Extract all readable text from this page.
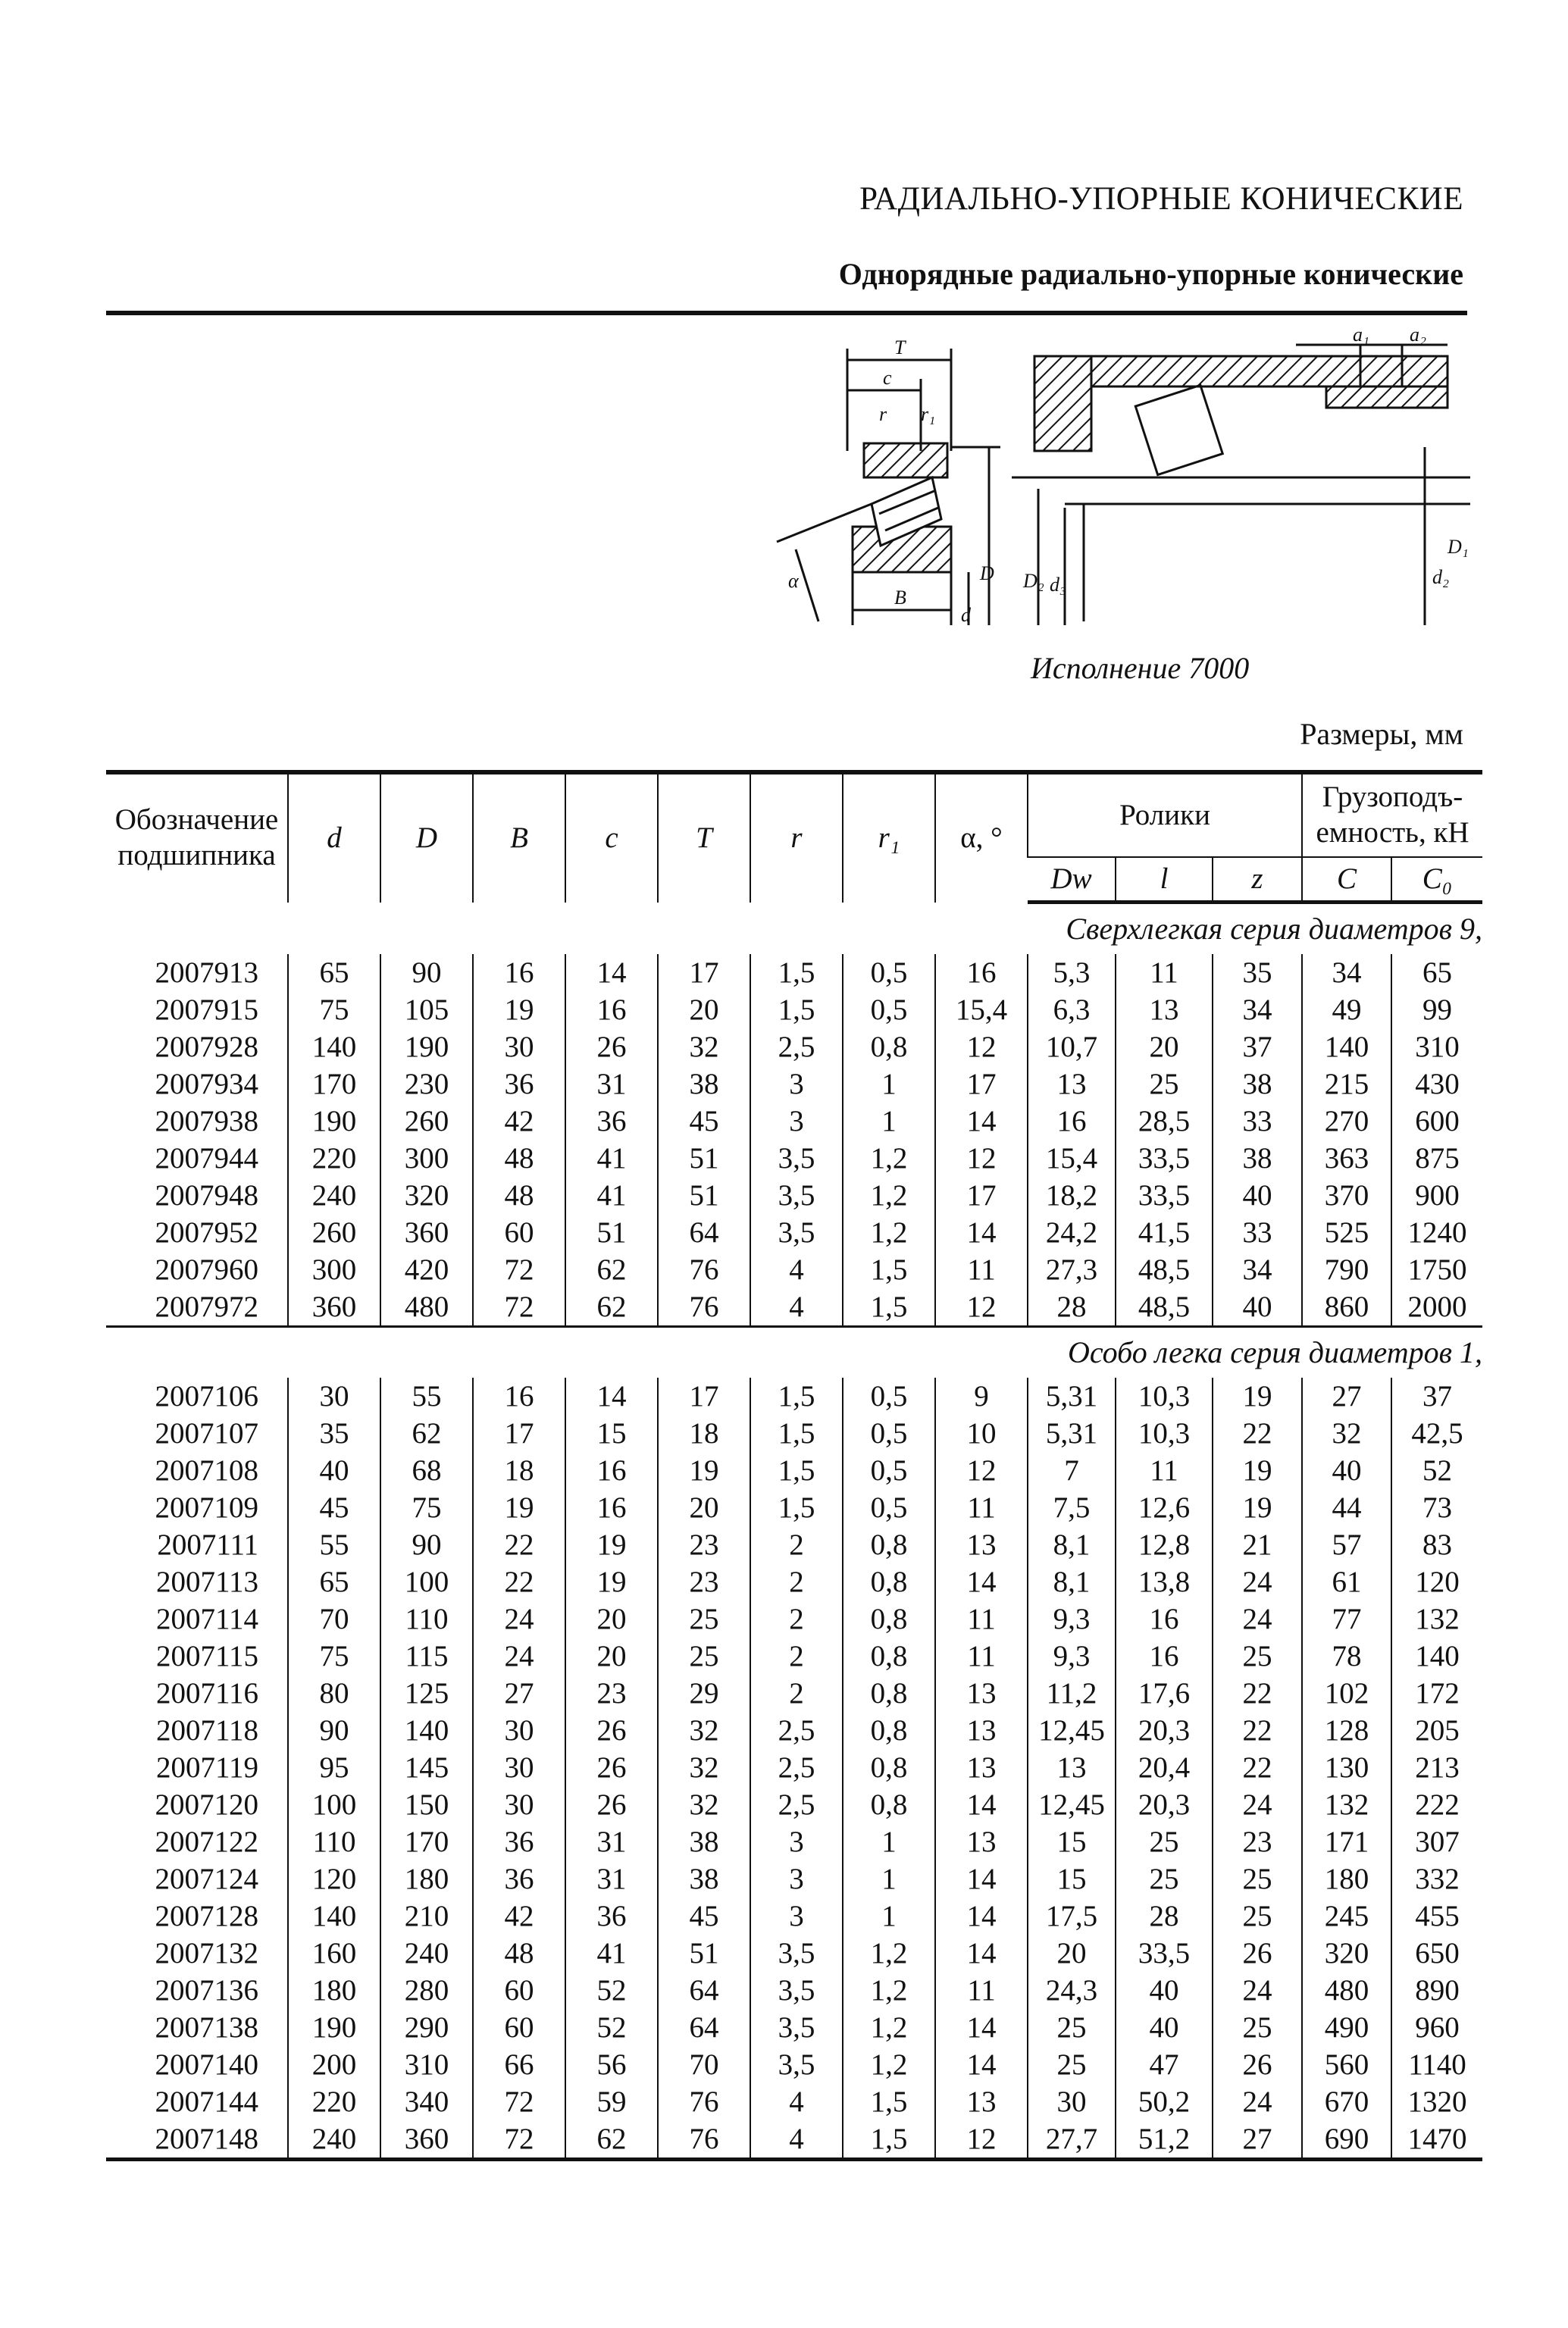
РАДИАЛЬНО-УПОРНЫЕ КОНИЧЕСКИЕ
Однорядные радиально-упорные конические
T
c
r r₁
B
d
D
α
a₁ a₂
D₂ d₃	d₂
D₁
Исполнение 7000
Размеры, мм
Обозначение подшипника	d	D	B	c	T	r	r₁	α, °	Ролики			Грузоподъ-емность, кН	
									Dw	l	z	C	C₀
Сверхлегкая серия диаметров 9,													
2007913	65	90	16	14	17	1,5	0,5	16	5,3	11	35	34	65
2007915	75	105	19	16	20	1,5	0,5	15,4	6,3	13	34	49	99
2007928	140	190	30	26	32	2,5	0,8	12	10,7	20	37	140	310
2007934	170	230	36	31	38	3	1	17	13	25	38	215	430
2007938	190	260	42	36	45	3	1	14	16	28,5	33	270	600
2007944	220	300	48	41	51	3,5	1,2	12	15,4	33,5	38	363	875
2007948	240	320	48	41	51	3,5	1,2	17	18,2	33,5	40	370	900
2007952	260	360	60	51	64	3,5	1,2	14	24,2	41,5	33	525	1240
2007960	300	420	72	62	76	4	1,5	11	27,3	48,5	34	790	1750
2007972	360	480	72	62	76	4	1,5	12	28	48,5	40	860	2000
Особо легка серия диаметров 1,													
2007106	30	55	16	14	17	1,5	0,5	9	5,31	10,3	19	27	37
2007107	35	62	17	15	18	1,5	0,5	10	5,31	10,3	22	32	42,5
2007108	40	68	18	16	19	1,5	0,5	12	7	11	19	40	52
2007109	45	75	19	16	20	1,5	0,5	11	7,5	12,6	19	44	73
2007111	55	90	22	19	23	2	0,8	13	8,1	12,8	21	57	83
2007113	65	100	22	19	23	2	0,8	14	8,1	13,8	24	61	120
2007114	70	110	24	20	25	2	0,8	11	9,3	16	24	77	132
2007115	75	115	24	20	25	2	0,8	11	9,3	16	25	78	140
2007116	80	125	27	23	29	2	0,8	13	11,2	17,6	22	102	172
2007118	90	140	30	26	32	2,5	0,8	13	12,45	20,3	22	128	205
2007119	95	145	30	26	32	2,5	0,8	13	13	20,4	22	130	213
2007120	100	150	30	26	32	2,5	0,8	14	12,45	20,3	24	132	222
2007122	110	170	36	31	38	3	1	13	15	25	23	171	307
2007124	120	180	36	31	38	3	1	14	15	25	25	180	332
2007128	140	210	42	36	45	3	1	14	17,5	28	25	245	455
2007132	160	240	48	41	51	3,5	1,2	14	20	33,5	26	320	650
2007136	180	280	60	52	64	3,5	1,2	11	24,3	40	24	480	890
2007138	190	290	60	52	64	3,5	1,2	14	25	40	25	490	960
2007140	200	310	66	56	70	3,5	1,2	14	25	47	26	560	1140
2007144	220	340	72	59	76	4	1,5	13	30	50,2	24	670	1320
2007148	240	360	72	62	76	4	1,5	12	27,7	51,2	27	690	1470
